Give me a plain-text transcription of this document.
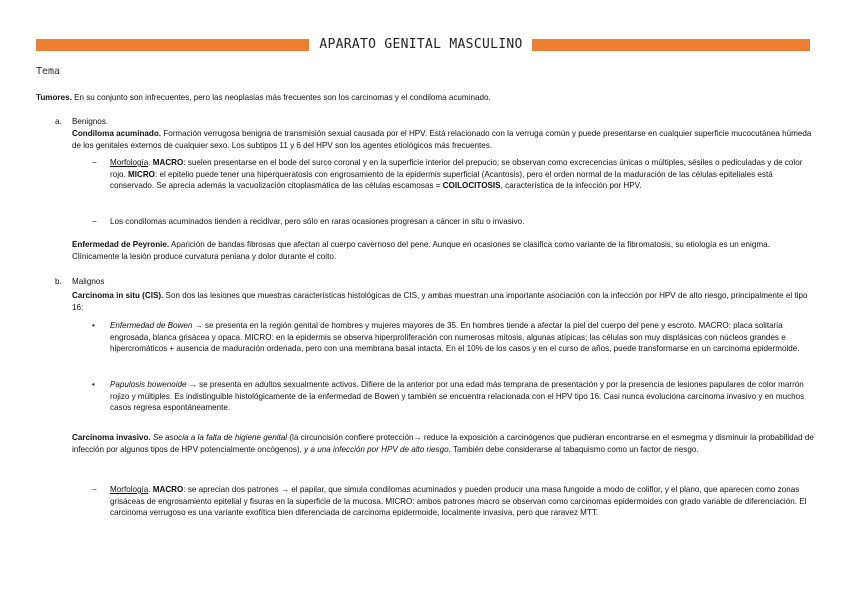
APARATO GENITAL MASCULINO
Tema

Tumores. En su conjunto son infrecuentes, pero las neoplasias más frecuentes son los carcinomas y el condiloma acuminado.

a. Benignos.

Condiloma acuminado. Formación verrugosa benigna de transmisión sexual causada por el HPV. Está relacionado con la verruga común y puede presentarse en cualquier superficie mucocutánea húmeda de los genitales externos de cualquier sexo. Los subtipos 11 y 6 del HPV son los agentes etiológicos más frecuentes.

− Morfología. MACRO: suelen presentarse en el bode del surco coronal y en la superficie interior del prepucio; se observan como excrecencias únicas o múltiples, sésiles o pediculadas y de color rojo. MICRO: el epitelio puede tener una hiperqueratosis con engrosamiento de la epidermis superficial (Acantosis), pero el orden normal de la maduración de las células epiteliales está conservado. Se aprecia además la vacuolización citoplasmática de las células escamosas = COILOCITOSIS, característica de la infección por HPV.

− Los condilomas acuminados tienden a recidivar, pero sólo en raras ocasiones progresan a cáncer in situ o invasivo.

Enfermedad de Peyronie. Aparición de bandas fibrosas que afectan al cuerpo cavernoso del pene. Aunque en ocasiones se clasifica como variante de la fibromatosis, su etiología es un enigma. Clínicamente la lesión produce curvatura peniana y dolor durante el coito.

b. Malignos

Carcinoma in situ (CIS). Son dos las lesiones que muestras características histológicas de CIS, y ambas muestran una importante asociación con la infección por HPV de alto riesgo, principalmente el tipo 16:

• Enfermedad de Bowen → se presenta en la región genital de hombres y mujeres mayores de 35. En hombres tiende a afectar la piel del cuerpo del pene y escroto. MACRO: placa solitaria engrosada, blanca grisácea y opaca. MICRO: en la epidermis se observa hiperproliferación con numerosas mitosis, algunas atípicas; las células son muy displásicas con núcleos grandes e hipercromáticos + ausencia de maduración ordenada, pero con una membrana basal intacta. En el 10% de los casos y en el curso de años, puede transformarse en un carcinoma epidermoide.

• Papulosis bowenoide → se presenta en adultos sexualmente activos. Difiere de la anterior por una edad más temprana de presentación y por la presencia de lesiones papulares de color marrón rojizo y múltiples. Es indistinguible histológicamente de la enfermedad de Bowen y también se encuentra relacionada con el HPV tipo 16. Casi nunca evoluciona carcinoma invasivo y en muchos casos regresa espontáneamente.

Carcinoma invasivo. Se asocia a la falta de higiene genital (la circuncisión confiere protección→ reduce la exposición a carcinógenos que pudieran encontrarse en el esmegma y disminuir la probabilidad de infección por algunos tipos de HPV potencialmente oncógenos), y a una infección por HPV de alto riesgo. También debe considerarse al tabaquismo como un factor de riesgo.

− Morfología. MACRO: se aprecian dos patrones → el papilar, que simula condilomas acuminados y pueden producir una masa fungoide a modo de coliflor, y el plano, que aparecen como zonas grisáceas de engrosamiento epitelial y fisuras en la superficie de la mucosa. MICRO: ambos patrones macro se observan como carcinomas epidermoides con grado variable de diferenciación. El carcinoma verrugoso es una variante exofítica bien diferenciada de carcinoma epidermoide, localmente invasiva, pero que raravez MTT.
